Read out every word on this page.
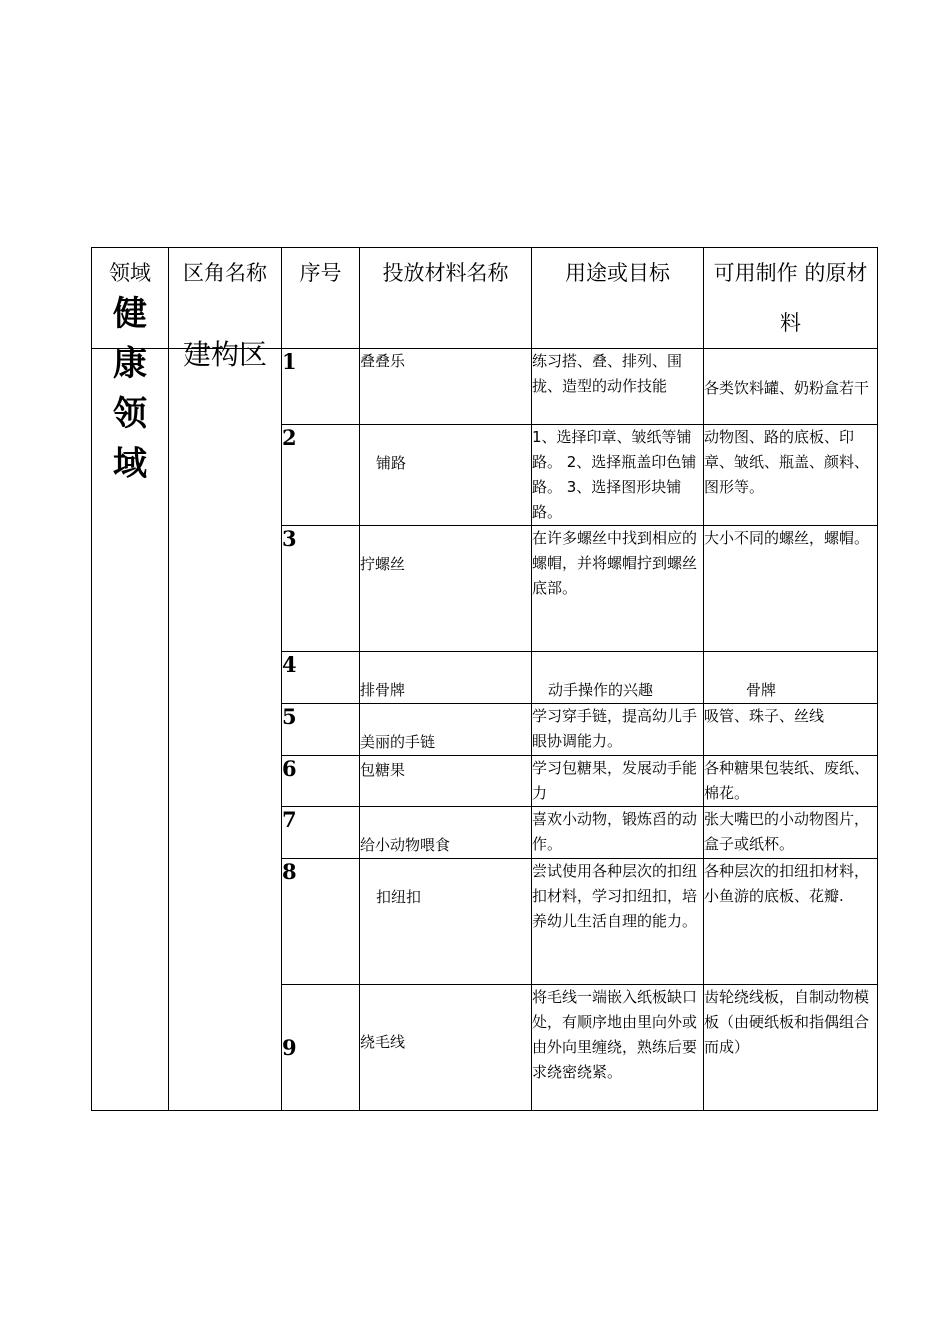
领域	区角名称	序号	投放材料名称	用途或目标	可用制作 的原材料

健康领域	建构区	1	叠叠乐	练习搭、叠、排列、围拢、造型的动作技能	各类饮料罐、奶粉盒若干
		2	铺路	1、选择印章、皱纸等铺路。 2、选择瓶盖印色铺路。 3、选择图形块铺路。	动物图、路的底板、印章、皱纸、瓶盖、颜料、图形等。
		3	拧螺丝	在许多螺丝中找到相应的螺帽，并将螺帽拧到螺丝底部。	大小不同的螺丝，螺帽。
		4	排骨牌	动手操作的兴趣	骨牌
		5	美丽的手链	学习穿手链，提高幼儿手眼协调能力。	吸管、珠子、丝线
		6	包糖果	学习包糖果，发展动手能力	各种糖果包装纸、废纸、棉花。
		7	给小动物喂食	喜欢小动物，锻炼舀的动作。	张大嘴巴的小动物图片，盒子或纸杯。
		8	扣纽扣	尝试使用各种层次的扣纽扣材料，学习扣纽扣，培养幼儿生活自理的能力。	各种层次的扣纽扣材料，小鱼游的底板、花瓣.
		9	绕毛线	将毛线一端嵌入纸板缺口处，有顺序地由里向外或由外向里缠绕，熟练后要求绕密绕紧。	齿轮绕线板，自制动物模板（由硬纸板和指偶组合而成）
